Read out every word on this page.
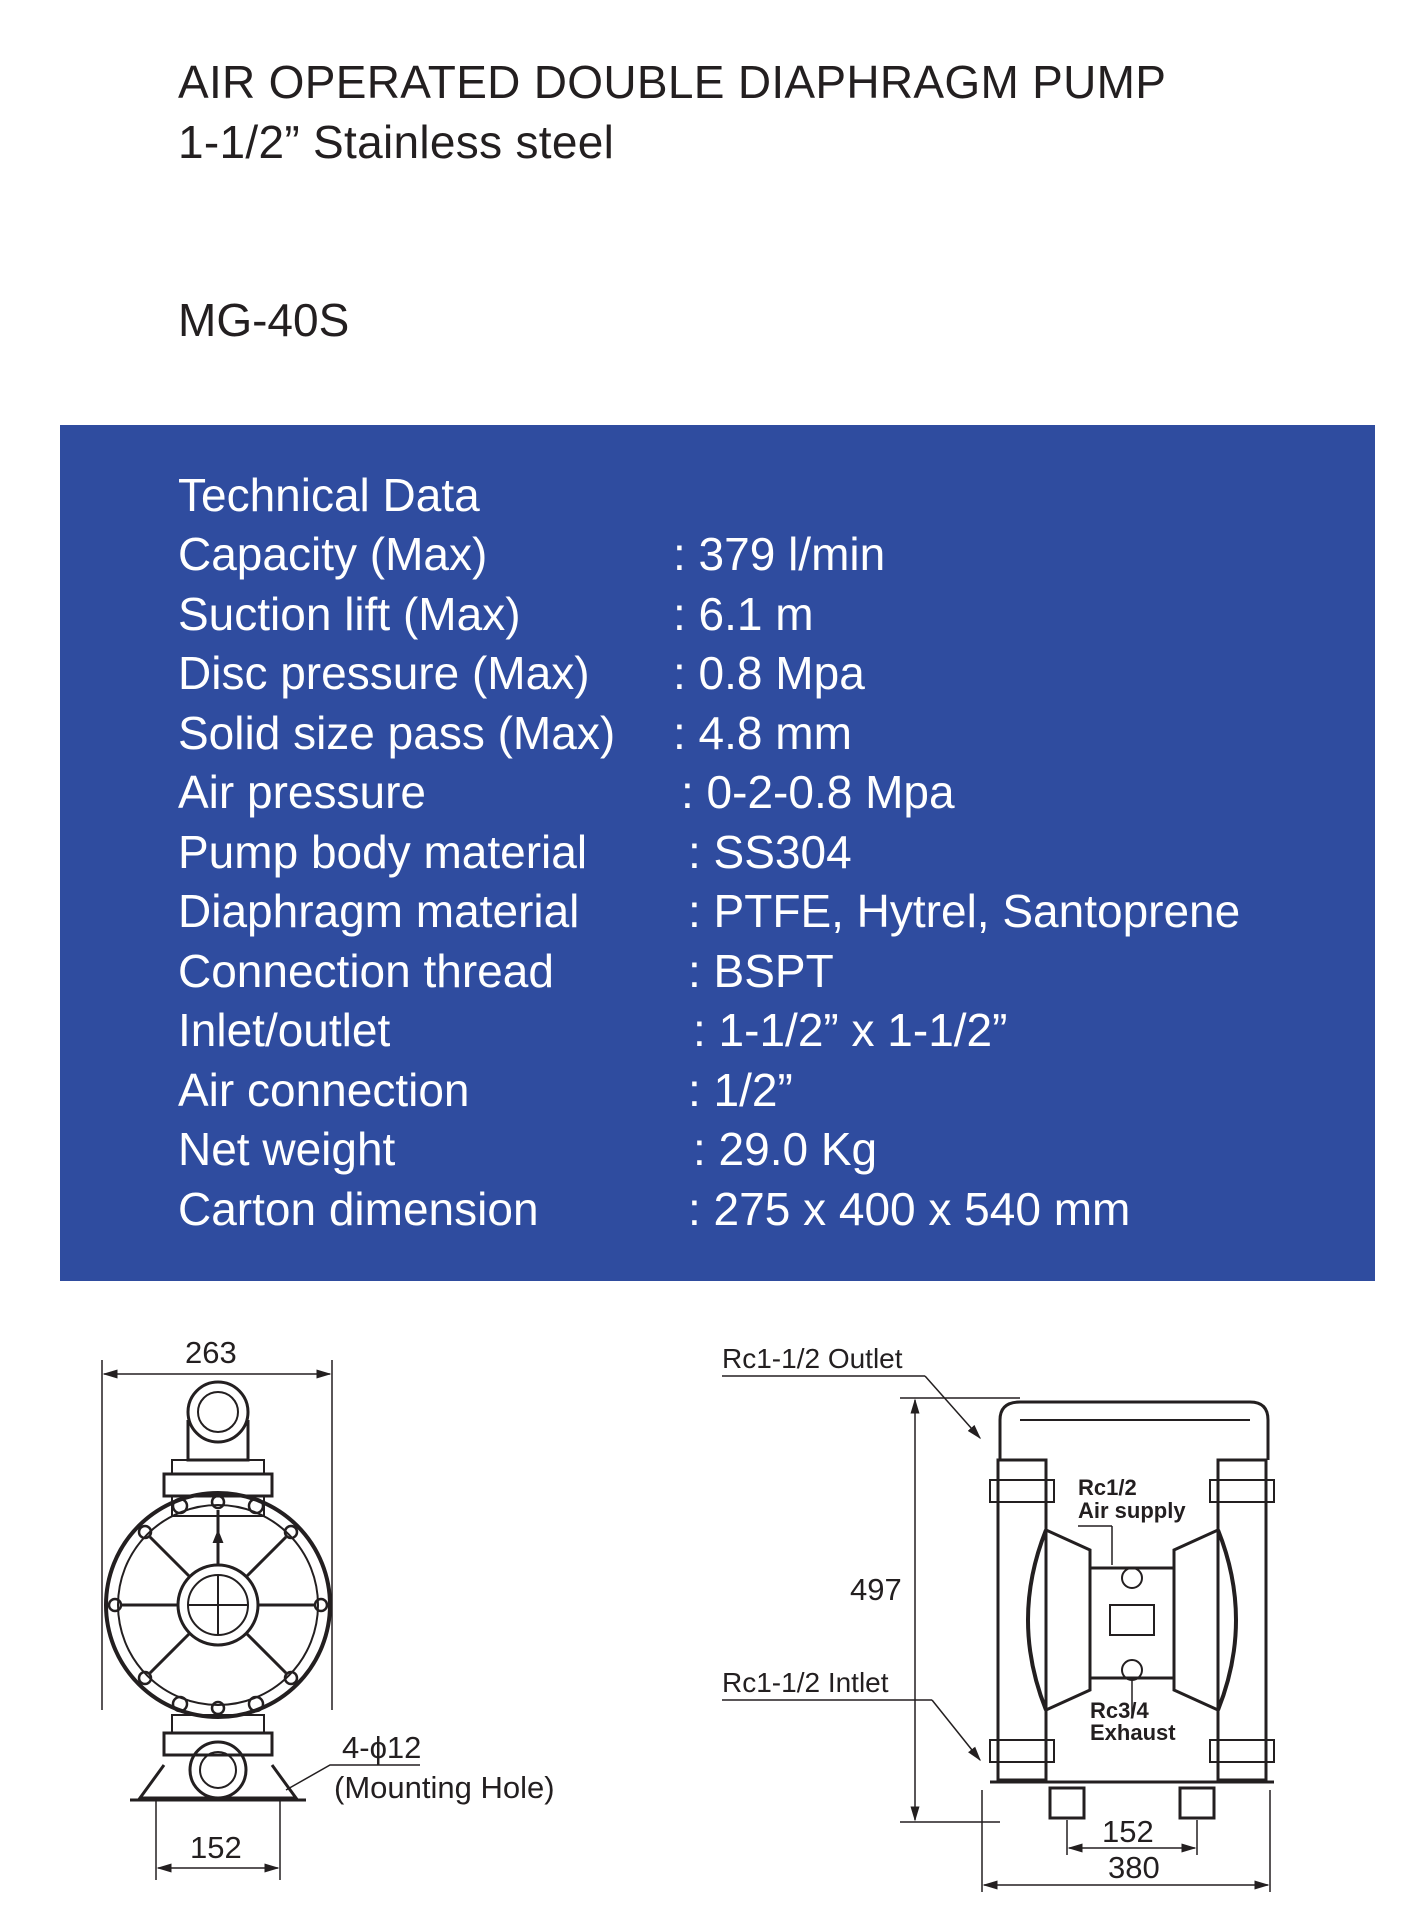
AIR OPERATED DOUBLE DIAPHRAGM PUMP
1-1/2” Stainless steel
MG-40S
Technical Data
Capacity (Max)	: 379 l/min
Suction lift (Max)	: 6.1 m
Disc pressure (Max) : 0.8 Mpa
Solid size pass (Max) : 4.8 mm
Air pressure	: 0-2-0.8 Mpa
Pump body material : SS304
Diaphragm material : PTFE, Hytrel, Santoprene
Connection thread	: BSPT
Inlet/outlet	: 1-1/2” x 1-1/2”
Air connection	: 1/2”
Net weight	: 29.0 Kg
Carton dimension	: 275 x 400 x 540 mm
263
152
4-ϕ12
(Mounting Hole)
Rc1-1/2 Outlet
Rc1-1/2 Intlet
Rc1/2
Air supply
Rc3/4
Exhaust
497
152
380
